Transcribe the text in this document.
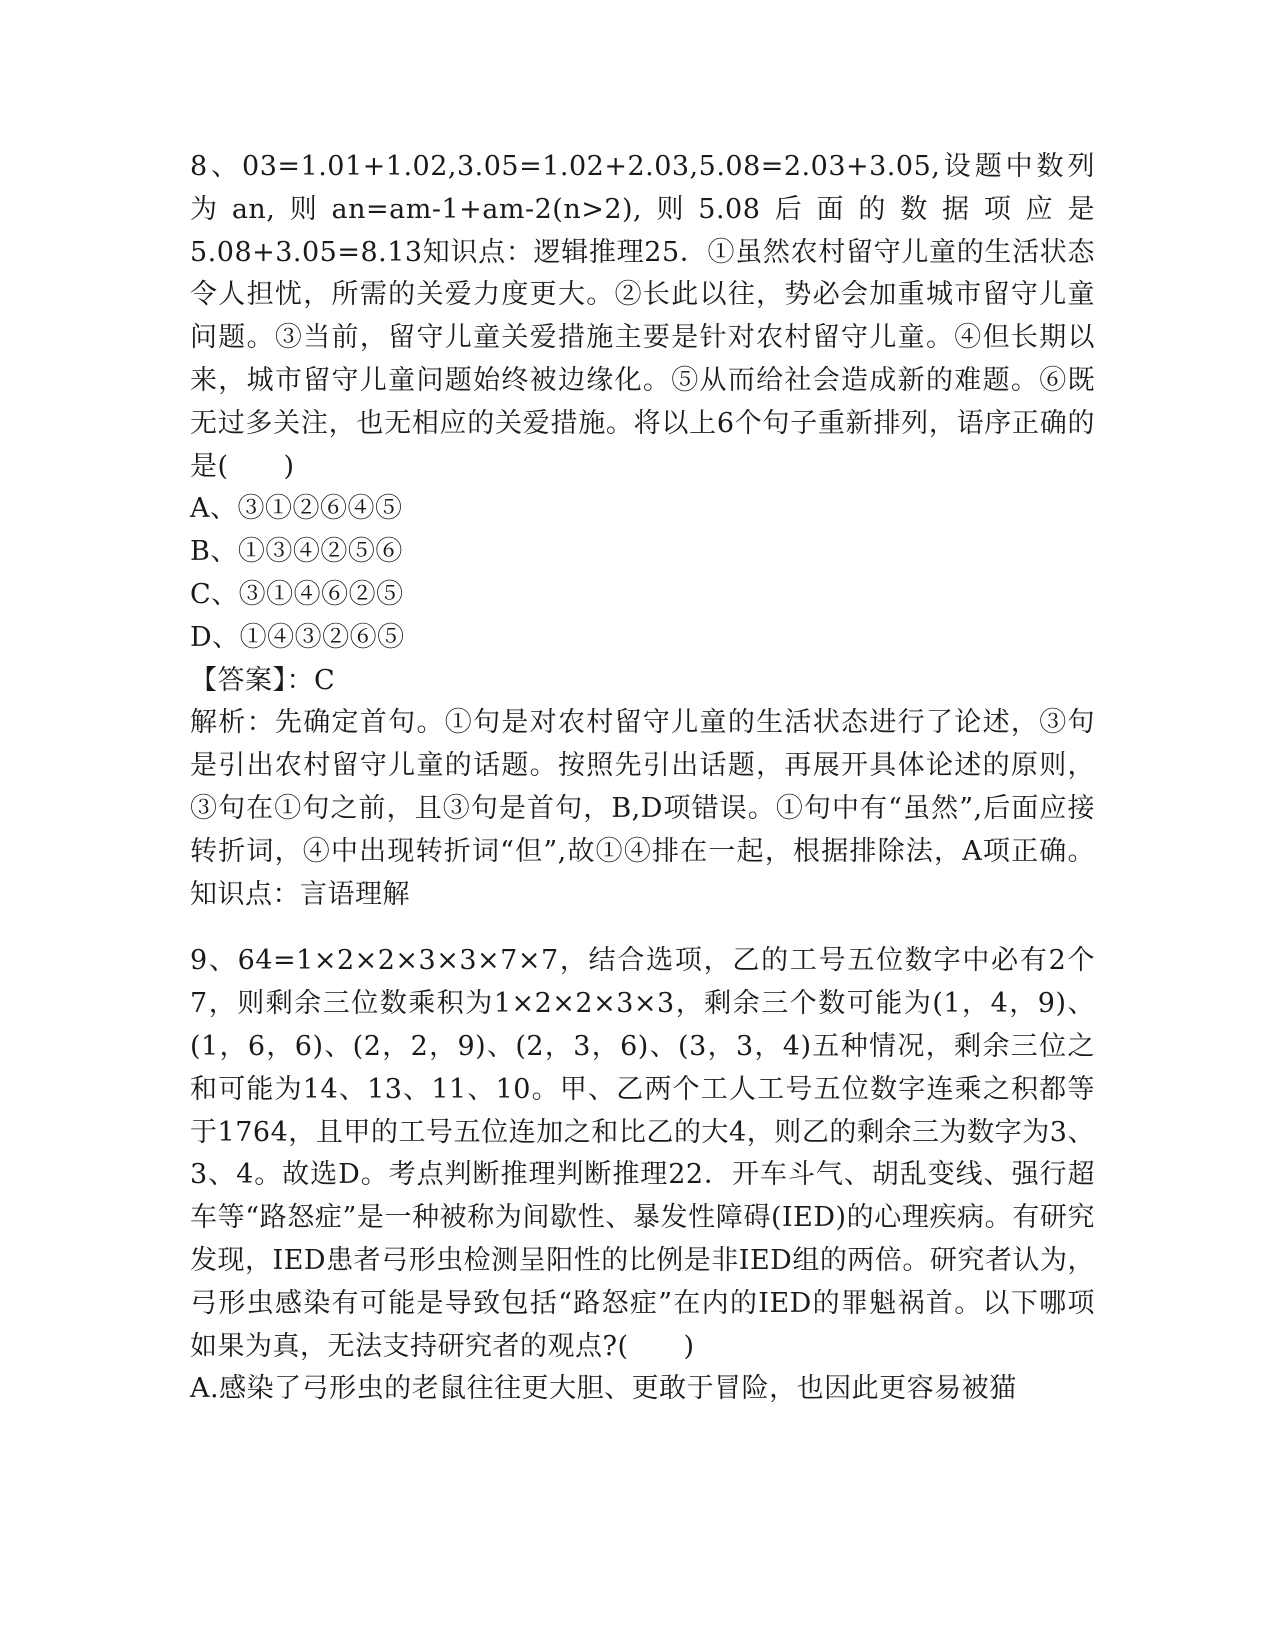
8、03=1.01+1.02,3.05=1.02+2.03,5.08=2.03+3.05,设题中数列为an,则an=am-1+am-2(n>2),则5.08后面的数据项应是5.08+3.05=8.13知识点：逻辑推理25．①虽然农村留守儿童的生活状态令人担忧，所需的关爱力度更大。②长此以往，势必会加重城市留守儿童问题。③当前，留守儿童关爱措施主要是针对农村留守儿童。④但长期以来，城市留守儿童问题始终被边缘化。⑤从而给社会造成新的难题。⑥既无过多关注，也无相应的关爱措施。将以上6个句子重新排列，语序正确的是(　　)

A、③①②⑥④⑤

B、①③④②⑤⑥

C、③①④⑥②⑤

D、①④③②⑥⑤

【答案】：C

解析：先确定首句。①句是对农村留守儿童的生活状态进行了论述，③句是引出农村留守儿童的话题。按照先引出话题，再展开具体论述的原则，③句在①句之前，且③句是首句，B,D项错误。①句中有“虽然”,后面应接转折词，④中出现转折词“但”,故①④排在一起，根据排除法，A项正确。知识点：言语理解

9、64=1×2×2×3×3×7×7，结合选项，乙的工号五位数字中必有2个7，则剩余三位数乘积为1×2×2×3×3，剩余三个数可能为(1，4，9)、(1，6，6)、(2，2，9)、(2，3，6)、(3，3，4)五种情况，剩余三位之和可能为14、13、11、10。甲、乙两个工人工号五位数字连乘之积都等于1764，且甲的工号五位连加之和比乙的大4，则乙的剩余三为数字为3、3、4。故选D。考点判断推理判断推理22．开车斗气、胡乱变线、强行超车等“路怒症”是一种被称为间歇性、暴发性障碍(IED)的心理疾病。有研究发现，IED患者弓形虫检测呈阳性的比例是非IED组的两倍。研究者认为，弓形虫感染有可能是导致包括“路怒症”在内的IED的罪魁祸首。以下哪项如果为真，无法支持研究者的观点?(　　)

A.感染了弓形虫的老鼠往往更大胆、更敢于冒险，也因此更容易被猫
